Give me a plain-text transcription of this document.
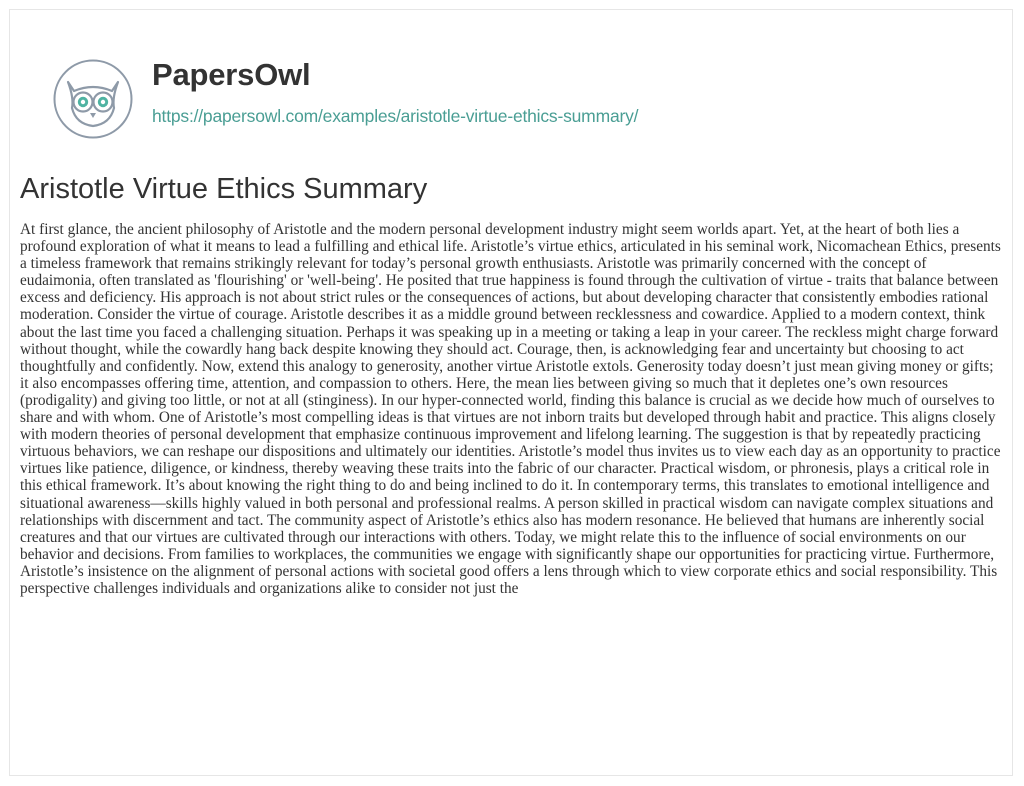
PapersOwl
https://papersowl.com/examples/aristotle-virtue-ethics-summary/
Aristotle Virtue Ethics Summary

At first glance, the ancient philosophy of Aristotle and the modern personal development industry might seem worlds apart. Yet, at the heart of both lies a profound exploration of what it means to lead a fulfilling and ethical life. Aristotle’s virtue ethics, articulated in his seminal work, Nicomachean Ethics, presents a timeless framework that remains strikingly relevant for today’s personal growth enthusiasts. Aristotle was primarily concerned with the concept of eudaimonia, often translated as 'flourishing' or 'well-being'. He posited that true happiness is found through the cultivation of virtue - traits that balance between excess and deficiency. His approach is not about strict rules or the consequences of actions, but about developing character that consistently embodies rational moderation. Consider the virtue of courage. Aristotle describes it as a middle ground between recklessness and cowardice. Applied to a modern context, think about the last time you faced a challenging situation. Perhaps it was speaking up in a meeting or taking a leap in your career. The reckless might charge forward without thought, while the cowardly hang back despite knowing they should act. Courage, then, is acknowledging fear and uncertainty but choosing to act thoughtfully and confidently. Now, extend this analogy to generosity, another virtue Aristotle extols. Generosity today doesn’t just mean giving money or gifts; it also encompasses offering time, attention, and compassion to others. Here, the mean lies between giving so much that it depletes one’s own resources (prodigality) and giving too little, or not at all (stinginess). In our hyper-connected world, finding this balance is crucial as we decide how much of ourselves to share and with whom. One of Aristotle’s most compelling ideas is that virtues are not inborn traits but developed through habit and practice. This aligns closely with modern theories of personal development that emphasize continuous improvement and lifelong learning. The suggestion is that by repeatedly practicing virtuous behaviors, we can reshape our dispositions and ultimately our identities. Aristotle’s model thus invites us to view each day as an opportunity to practice virtues like patience, diligence, or kindness, thereby weaving these traits into the fabric of our character. Practical wisdom, or phronesis, plays a critical role in this ethical framework. It’s about knowing the right thing to do and being inclined to do it. In contemporary terms, this translates to emotional intelligence and situational awareness—skills highly valued in both personal and professional realms. A person skilled in practical wisdom can navigate complex situations and relationships with discernment and tact. The community aspect of Aristotle’s ethics also has modern resonance. He believed that humans are inherently social creatures and that our virtues are cultivated through our interactions with others. Today, we might relate this to the influence of social environments on our behavior and decisions. From families to workplaces, the communities we engage with significantly shape our opportunities for practicing virtue. Furthermore, Aristotle’s insistence on the alignment of personal actions with societal good offers a lens through which to view corporate ethics and social responsibility. This perspective challenges individuals and organizations alike to consider not just the
